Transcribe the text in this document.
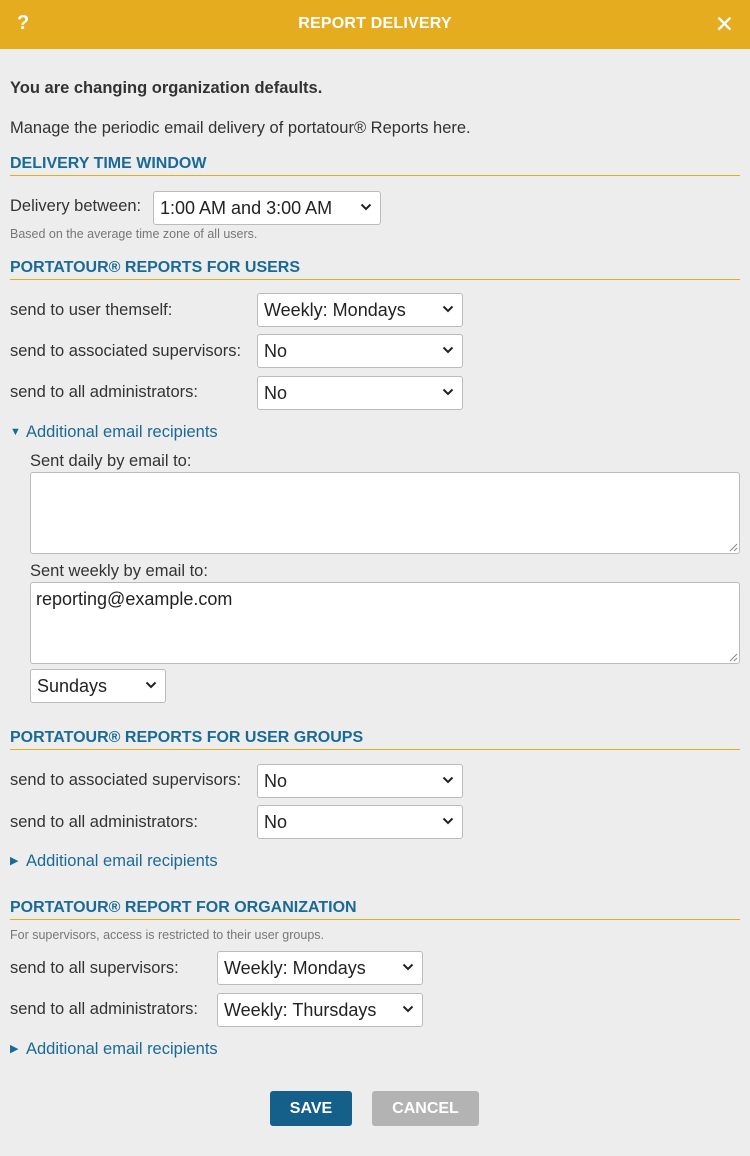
?	REPORT DELIVERY	✕
You are changing organization defaults.
Manage the periodic email delivery of portatour® Reports here.
DELIVERY TIME WINDOW
Delivery between:	1:00 AM and 3:00 AM
Based on the average time zone of all users.
PORTATOUR® REPORTS FOR USERS
send to user themself:	Weekly: Mondays
send to associated supervisors:	No
send to all administrators:	No
▼ Additional email recipients
Sent daily by email to:
Sent weekly by email to:
reporting@example.com
Sundays
PORTATOUR® REPORTS FOR USER GROUPS
send to associated supervisors:	No
send to all administrators:	No
▶ Additional email recipients
PORTATOUR® REPORT FOR ORGANIZATION
For supervisors, access is restricted to their user groups.
send to all supervisors:	Weekly: Mondays
send to all administrators:	Weekly: Thursdays
▶ Additional email recipients
SAVE	CANCEL
